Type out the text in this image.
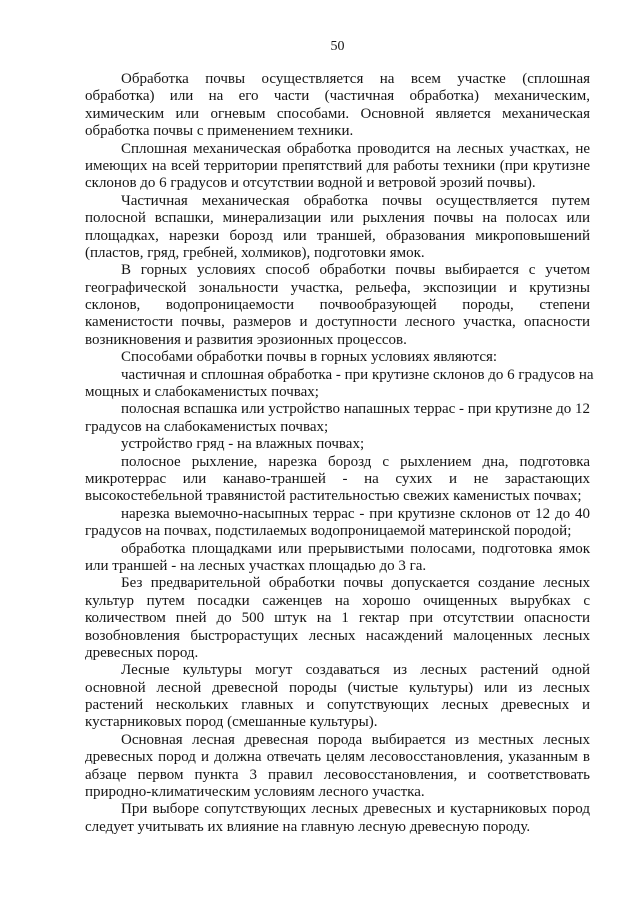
50
Обработка почвы осуществляется на всем участке (сплошная
обработка) или на его части (частичная обработка) механическим,
химическим или огневым способами. Основной является механическая
обработка почвы с применением техники.
Сплошная механическая обработка проводится на лесных участках, не
имеющих на всей территории препятствий для работы техники (при крутизне
склонов до 6 градусов и отсутствии водной и ветровой эрозий почвы).
Частичная механическая обработка почвы осуществляется путем
полосной вспашки, минерализации или рыхления почвы на полосах или
площадках, нарезки борозд или траншей, образования микроповышений
(пластов, гряд, гребней, холмиков), подготовки ямок.
В горных условиях способ обработки почвы выбирается с учетом
географической зональности участка, рельефа, экспозиции и крутизны
склонов, водопроницаемости почвообразующей породы, степени
каменистости почвы, размеров и доступности лесного участка, опасности
возникновения и развития эрозионных процессов.
Способами обработки почвы в горных условиях являются:
частичная и сплошная обработка - при крутизне склонов до 6 градусов на
мощных и слабокаменистых почвах;
полосная вспашка или устройство напашных террас - при крутизне до 12
градусов на слабокаменистых почвах;
устройство гряд - на влажных почвах;
полосное рыхление, нарезка борозд с рыхлением дна, подготовка
микротеррас или канаво-траншей - на сухих и не зарастающих
высокостебельной травянистой растительностью свежих каменистых почвах;
нарезка выемочно-насыпных террас - при крутизне склонов от 12 до 40
градусов на почвах, подстилаемых водопроницаемой материнской породой;
обработка площадками или прерывистыми полосами, подготовка ямок
или траншей - на лесных участках площадью до 3 га.
Без предварительной обработки почвы допускается создание лесных
культур путем посадки саженцев на хорошо очищенных вырубках с
количеством пней до 500 штук на 1 гектар при отсутствии опасности
возобновления быстрорастущих лесных насаждений малоценных лесных
древесных пород.
Лесные культуры могут создаваться из лесных растений одной
основной лесной древесной породы (чистые культуры) или из лесных
растений нескольких главных и сопутствующих лесных древесных и
кустарниковых пород (смешанные культуры).
Основная лесная древесная порода выбирается из местных лесных
древесных пород и должна отвечать целям лесовосстановления, указанным в
абзаце первом пункта 3 правил лесовосстановления, и соответствовать
природно-климатическим условиям лесного участка.
При выборе сопутствующих лесных древесных и кустарниковых пород
следует учитывать их влияние на главную лесную древесную породу.
